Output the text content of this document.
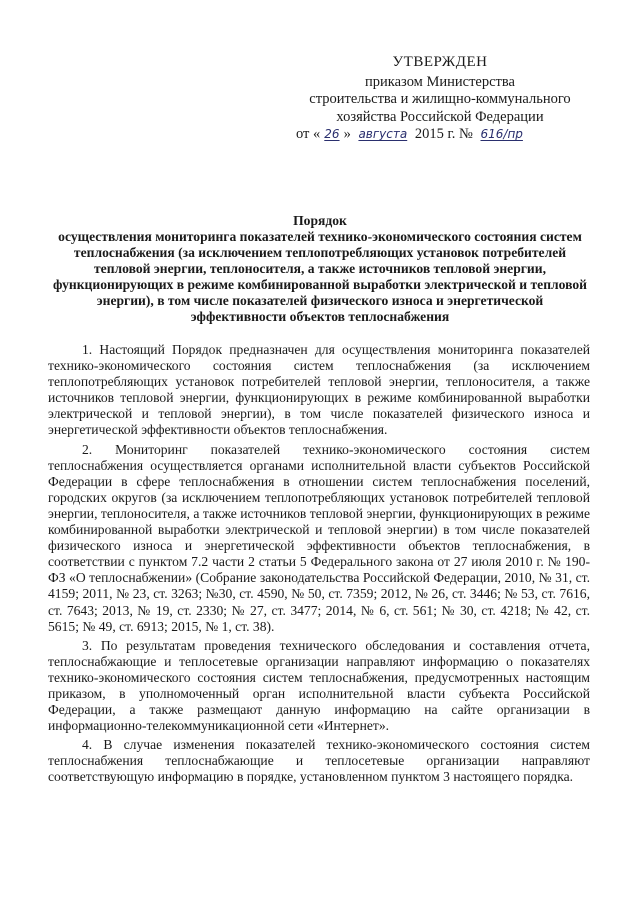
УТВЕРЖДЕН
приказом Министерства
строительства и жилищно-коммунального
хозяйства Российской Федерации
от « 26 » августа 2015 г. № 616/пр
Порядок
осуществления мониторинга показателей технико-экономического состояния систем теплоснабжения (за исключением теплопотребляющих установок потребителей тепловой энергии, теплоносителя, а также источников тепловой энергии, функционирующих в режиме комбинированной выработки электрической и тепловой энергии), в том числе показателей физического износа и энергетической эффективности объектов теплоснабжения

1. Настоящий Порядок предназначен для осуществления мониторинга показателей технико-экономического состояния систем теплоснабжения (за исключением теплопотребляющих установок потребителей тепловой энергии, теплоносителя, а также источников тепловой энергии, функционирующих в режиме комбинированной выработки электрической и тепловой энергии), в том числе показателей физического износа и энергетической эффективности объектов теплоснабжения.

2. Мониторинг показателей технико-экономического состояния систем теплоснабжения осуществляется органами исполнительной власти субъектов Российской Федерации в сфере теплоснабжения в отношении систем теплоснабжения поселений, городских округов (за исключением теплопотребляющих установок потребителей тепловой энергии, теплоносителя, а также источников тепловой энергии, функционирующих в режиме комбинированной выработки электрической и тепловой энергии) в том числе показателей физического износа и энергетической эффективности объектов теплоснабжения, в соответствии с пунктом 7.2 части 2 статьи 5 Федерального закона от 27 июля 2010 г. № 190-ФЗ «О теплоснабжении» (Собрание законодательства Российской Федерации, 2010, № 31, ст. 4159; 2011, № 23, ст. 3263; №30, ст. 4590, № 50, ст. 7359; 2012, № 26, ст. 3446; № 53, ст. 7616, ст. 7643; 2013, № 19, ст. 2330; № 27, ст. 3477; 2014, № 6, ст. 561; № 30, ст. 4218; № 42, ст. 5615; № 49, ст. 6913; 2015, № 1, ст. 38).

3. По результатам проведения технического обследования и составления отчета, теплоснабжающие и теплосетевые организации направляют информацию о показателях технико-экономического состояния систем теплоснабжения, предусмотренных настоящим приказом, в уполномоченный орган исполнительной власти субъекта Российской Федерации, а также размещают данную информацию на сайте организации в информационно-телекоммуникационной сети «Интернет».

4. В случае изменения показателей технико-экономического состояния систем теплоснабжения теплоснабжающие и теплосетевые организации направляют соответствующую информацию в порядке, установленном пунктом 3 настоящего порядка.
